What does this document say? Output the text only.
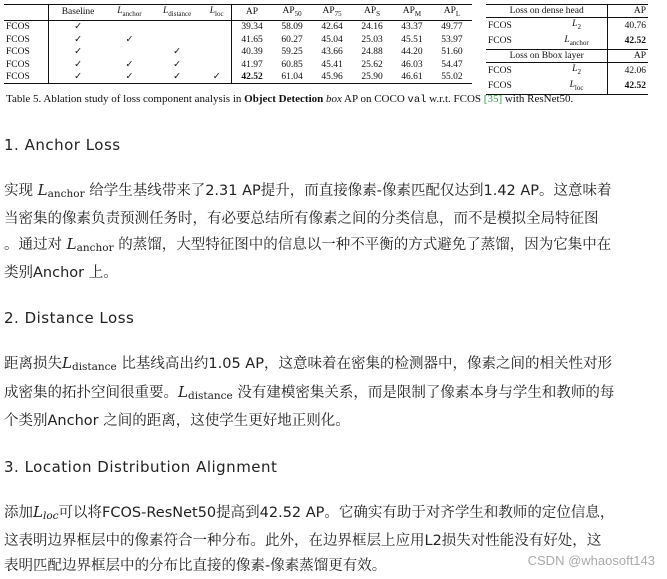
	Baseline	$L_{anchor}$	$L_{distance}$	$L_{loc}$	AP	$AP_{50}$	$AP_{75}$	$AP_S$	$AP_M$	$AP_L$
FCOS	✓				39.34	58.09	42.64	24.16	43.37	49.77
FCOS	✓	✓			41.65	60.27	45.04	25.03	45.51	53.97
FCOS	✓		✓		40.39	59.25	43.66	24.88	44.20	51.60
FCOS	✓	✓	✓		41.97	60.85	45.41	25.62	46.03	54.47
FCOS	✓	✓	✓	✓	42.52	61.04	45.96	25.90	46.61	55.02
Loss on dense head		AP
FCOS	$L_2$	40.76
FCOS	$L_{anchor}$	42.52
Loss on Bbox layer		AP
FCOS	$L_2$	42.06
FCOS	$L_{loc}$	42.52
Table 5. Ablation study of loss component analysis in Object Detection box AP on COCO val w.r.t. FCOS [35] with ResNet50.
1. Anchor Loss
实现 Lanchor 给学生基线带来了2.31 AP提升，而直接像素-像素匹配仅达到1.42 AP。这意味着
当密集的像素负责预测任务时，有必要总结所有像素之间的分类信息，而不是模拟全局特征图
。通过对 Lanchor 的蒸馏，大型特征图中的信息以一种不平衡的方式避免了蒸馏，因为它集中在
类别Anchor 上。
2. Distance Loss
距离损失Ldistance 比基线高出约1.05 AP，这意味着在密集的检测器中，像素之间的相关性对形
成密集的拓扑空间很重要。Ldistance 没有建模密集关系，而是限制了像素本身与学生和教师的每
个类别Anchor 之间的距离，这使学生更好地正则化。
3. Location Distribution Alignment
添加Lloc可以将FCOS-ResNet50提高到42.52 AP。它确实有助于对齐学生和教师的定位信息，
这表明边界框层中的像素符合一种分布。此外，在边界框层上应用L2损失对性能没有好处，这
表明匹配边界框层中的分布比直接的像素-像素蒸馏更有效。	CSDN @whaosoft143
